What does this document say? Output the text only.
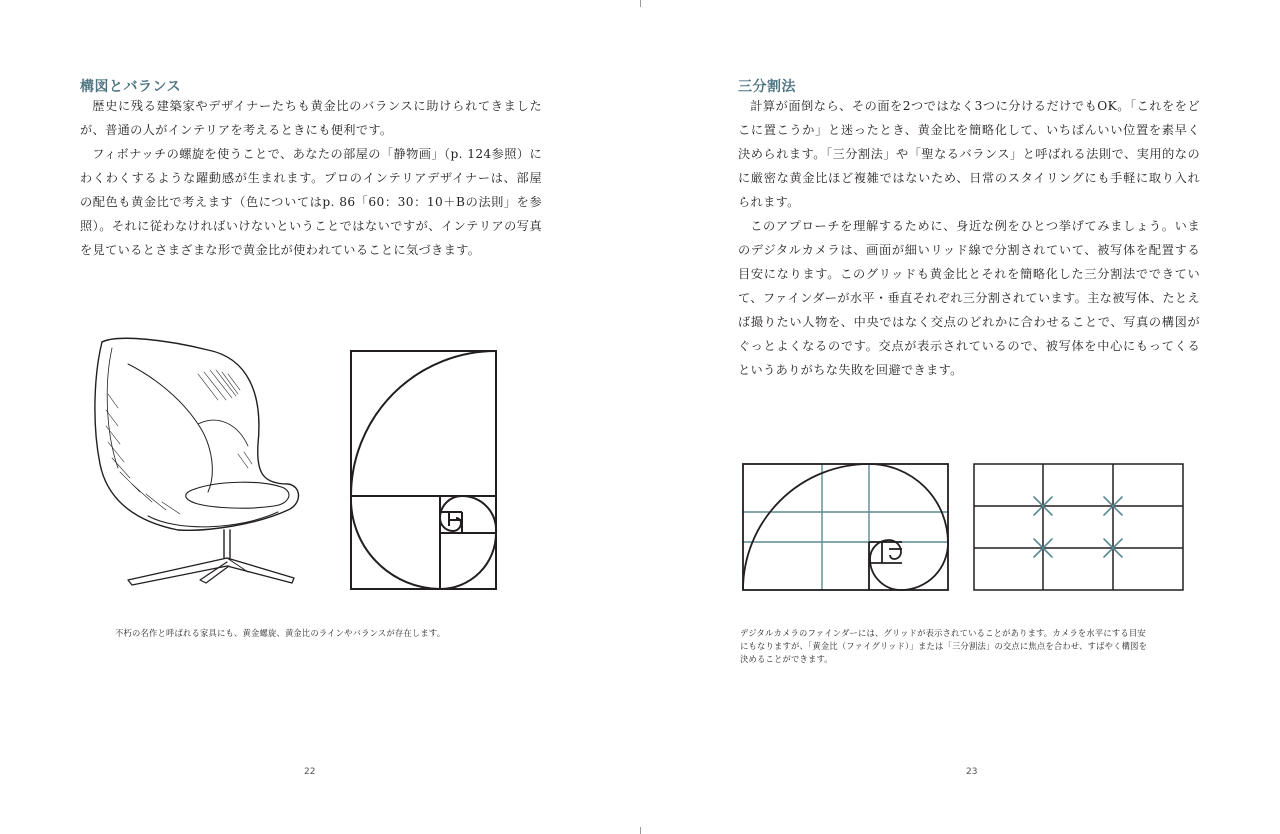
構図とバランス

歴史に残る建築家やデザイナーたちも黄金比のバランスに助けられてきましたが、普通の人がインテリアを考えるときにも便利です。

フィボナッチの螺旋を使うことで、あなたの部屋の「静物画」（p. 124参照）にわくわくするような躍動感が生まれます。プロのインテリアデザイナーは、部屋の配色も黄金比で考えます（色についてはp. 86「60：30：10＋Bの法則」を参照）。それに従わなければいけないということではないですが、インテリアの写真を見ているとさまざまな形で黄金比が使われていることに気づきます。

不朽の名作と呼ばれる家具にも、黄金螺旋、黄金比のラインやバランスが存在します。
22
三分割法

計算が面倒なら、その面を2つではなく3つに分けるだけでもOK。「これををどこに置こうか」と迷ったとき、黄金比を簡略化して、いちばんいい位置を素早く決められます。「三分割法」や「聖なるバランス」と呼ばれる法則で、実用的なのに厳密な黄金比ほど複雑ではないため、日常のスタイリングにも手軽に取り入れられます。

このアプローチを理解するために、身近な例をひとつ挙げてみましょう。いまのデジタルカメラは、画面が細いリッド線で分割されていて、被写体を配置する目安になります。このグリッドも黄金比とそれを簡略化した三分割法でできていて、ファインダーが水平・垂直それぞれ三分割されています。主な被写体、たとえば撮りたい人物を、中央ではなく交点のどれかに合わせることで、写真の構図がぐっとよくなるのです。交点が表示されているので、被写体を中心にもってくるというありがちな失敗を回避できます。

デジタルカメラのファインダーには、グリッドが表示されていることがあります。カメラを水平にする目安にもなりますが、「黄金比（ファイグリッド）」または「三分割法」の交点に焦点を合わせ、すばやく構図を決めることができます。
23
